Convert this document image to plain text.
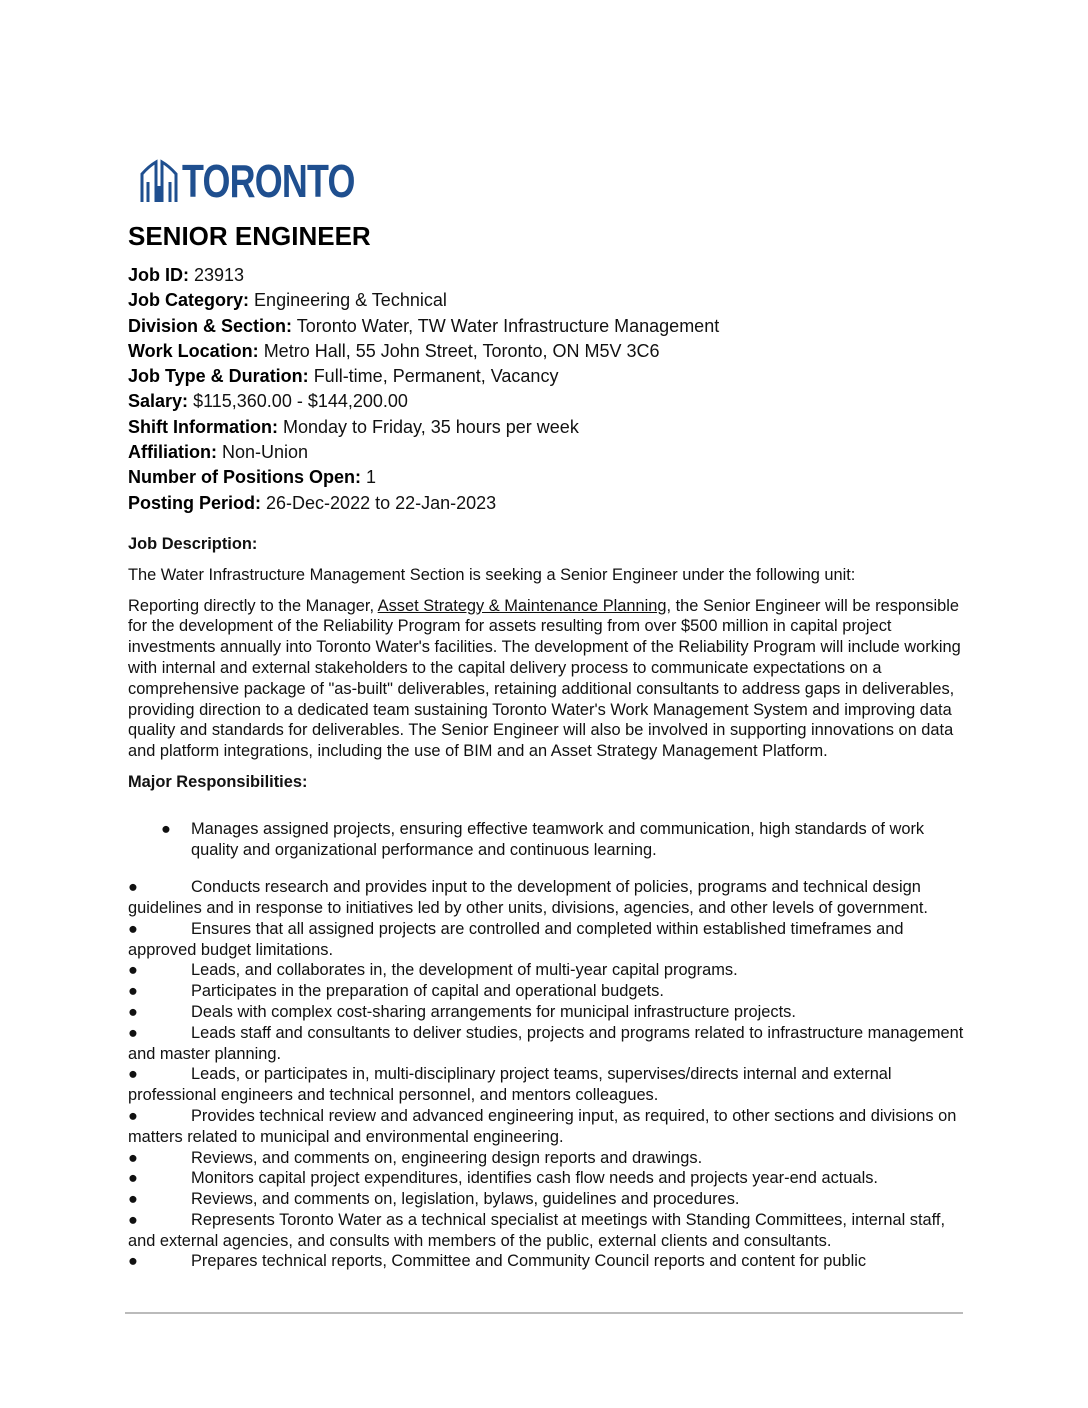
TORONTO
SENIOR ENGINEER
Job ID: 23913
Job Category: Engineering & Technical
Division & Section: Toronto Water, TW Water Infrastructure Management
Work Location: Metro Hall, 55 John Street, Toronto, ON M5V 3C6
Job Type & Duration: Full-time, Permanent, Vacancy
Salary: $115,360.00 - $144,200.00
Shift Information: Monday to Friday, 35 hours per week
Affiliation: Non-Union
Number of Positions Open: 1
Posting Period: 26-Dec-2022 to 22-Jan-2023

Job Description:

The Water Infrastructure Management Section is seeking a Senior Engineer under the following unit:

Reporting directly to the Manager, Asset Strategy & Maintenance Planning, the Senior Engineer will be responsible for the development of the Reliability Program for assets resulting from over $500 million in capital project investments annually into Toronto Water's facilities. The development of the Reliability Program will include working with internal and external stakeholders to the capital delivery process to communicate expectations on a comprehensive package of "as-built" deliverables, retaining additional consultants to address gaps in deliverables, providing direction to a dedicated team sustaining Toronto Water's Work Management System and improving data quality and standards for deliverables. The Senior Engineer will also be involved in supporting innovations on data and platform integrations, including the use of BIM and an Asset Strategy Management Platform.

Major Responsibilities:

● Manages assigned projects, ensuring effective teamwork and communication, high standards of work quality and organizational performance and continuous learning.

●	Conducts research and provides input to the development of policies, programs and technical design guidelines and in response to initiatives led by other units, divisions, agencies, and other levels of government.

●	Ensures that all assigned projects are controlled and completed within established timeframes and approved budget limitations.

●	Leads, and collaborates in, the development of multi-year capital programs.

●	Participates in the preparation of capital and operational budgets.

●	Deals with complex cost-sharing arrangements for municipal infrastructure projects.

●	Leads staff and consultants to deliver studies, projects and programs related to infrastructure management and master planning.

●	Leads, or participates in, multi-disciplinary project teams, supervises/directs internal and external professional engineers and technical personnel, and mentors colleagues.

●	Provides technical review and advanced engineering input, as required, to other sections and divisions on matters related to municipal and environmental engineering.

●	Reviews, and comments on, engineering design reports and drawings.

●	Monitors capital project expenditures, identifies cash flow needs and projects year-end actuals.

●	Reviews, and comments on, legislation, bylaws, guidelines and procedures.

●	Represents Toronto Water as a technical specialist at meetings with Standing Committees, internal staff, and external agencies, and consults with members of the public, external clients and consultants.

●	Prepares technical reports, Committee and Community Council reports and content for public
